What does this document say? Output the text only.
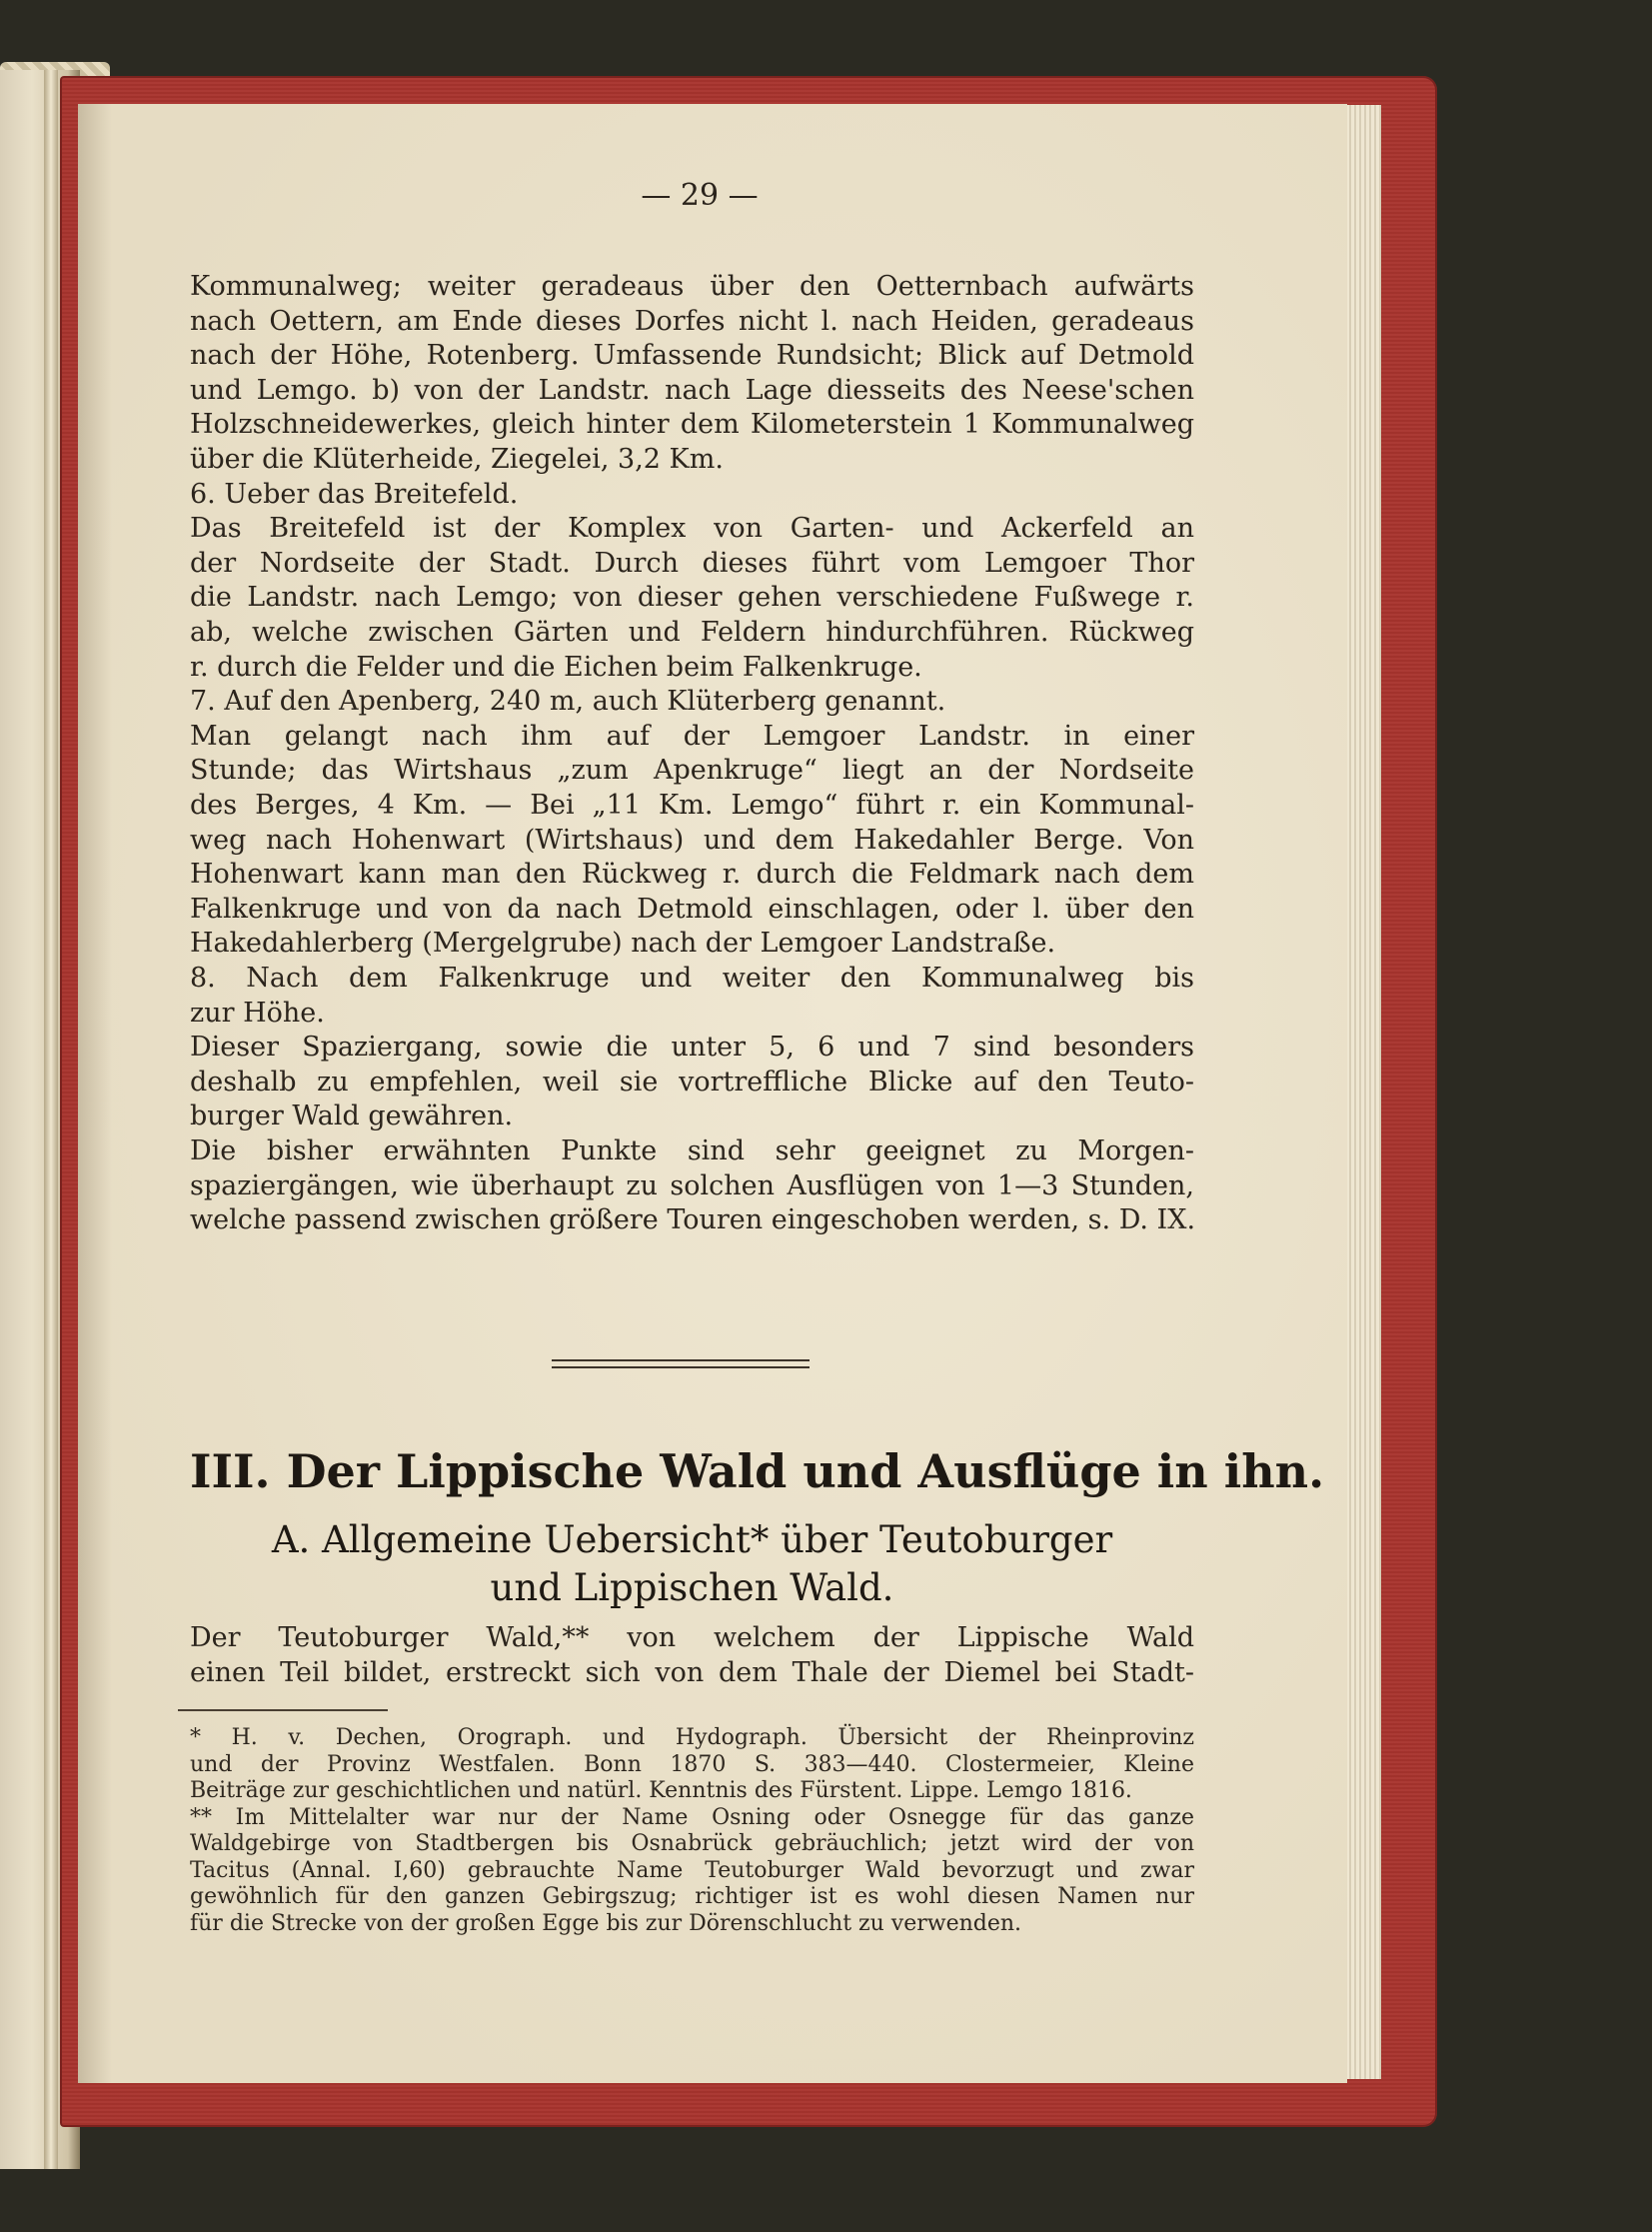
— 29 —
Kommunalweg; weiter geradeaus über den Oetternbach aufwärts
nach Oettern, am Ende dieses Dorfes nicht l. nach Heiden, geradeaus
nach der Höhe, Rotenberg. Umfassende Rundsicht; Blick auf Detmold
und Lemgo. b) von der Landstr. nach Lage diesseits des Neese'schen
Holzschneidewerkes, gleich hinter dem Kilometerstein 1 Kommunalweg
über die Klüterheide, Ziegelei, 3,2 Km.
6. Ueber das Breitefeld.
Das Breitefeld ist der Komplex von Garten- und Ackerfeld an
der Nordseite der Stadt. Durch dieses führt vom Lemgoer Thor
die Landstr. nach Lemgo; von dieser gehen verschiedene Fußwege r.
ab, welche zwischen Gärten und Feldern hindurchführen. Rückweg
r. durch die Felder und die Eichen beim Falkenkruge.
7. Auf den Apenberg, 240 m, auch Klüterberg genannt.
Man gelangt nach ihm auf der Lemgoer Landstr. in einer
Stunde; das Wirtshaus „zum Apenkruge“ liegt an der Nordseite
des Berges, 4 Km. — Bei „11 Km. Lemgo“ führt r. ein Kommunal-
weg nach Hohenwart (Wirtshaus) und dem Hakedahler Berge. Von
Hohenwart kann man den Rückweg r. durch die Feldmark nach dem
Falkenkruge und von da nach Detmold einschlagen, oder l. über den
Hakedahlerberg (Mergelgrube) nach der Lemgoer Landstraße.
8. Nach dem Falkenkruge und weiter den Kommunalweg bis
zur Höhe.
Dieser Spaziergang, sowie die unter 5, 6 und 7 sind besonders
deshalb zu empfehlen, weil sie vortreffliche Blicke auf den Teuto-
burger Wald gewähren.
Die bisher erwähnten Punkte sind sehr geeignet zu Morgen-
spaziergängen, wie überhaupt zu solchen Ausflügen von 1—3 Stunden,
welche passend zwischen größere Touren eingeschoben werden, s. D. IX.
III. Der Lippische Wald und Ausflüge in ihn.
A. Allgemeine Uebersicht* über Teutoburger
und Lippischen Wald.
Der Teutoburger Wald,** von welchem der Lippische Wald
einen Teil bildet, erstreckt sich von dem Thale der Diemel bei Stadt-
* H. v. Dechen, Orograph. und Hydograph. Übersicht der Rheinprovinz
und der Provinz Westfalen. Bonn 1870 S. 383—440. Clostermeier, Kleine
Beiträge zur geschichtlichen und natürl. Kenntnis des Fürstent. Lippe. Lemgo 1816.
** Im Mittelalter war nur der Name Osning oder Osnegge für das ganze
Waldgebirge von Stadtbergen bis Osnabrück gebräuchlich; jetzt wird der von
Tacitus (Annal. I,60) gebrauchte Name Teutoburger Wald bevorzugt und zwar
gewöhnlich für den ganzen Gebirgszug; richtiger ist es wohl diesen Namen nur
für die Strecke von der großen Egge bis zur Dörenschlucht zu verwenden.
